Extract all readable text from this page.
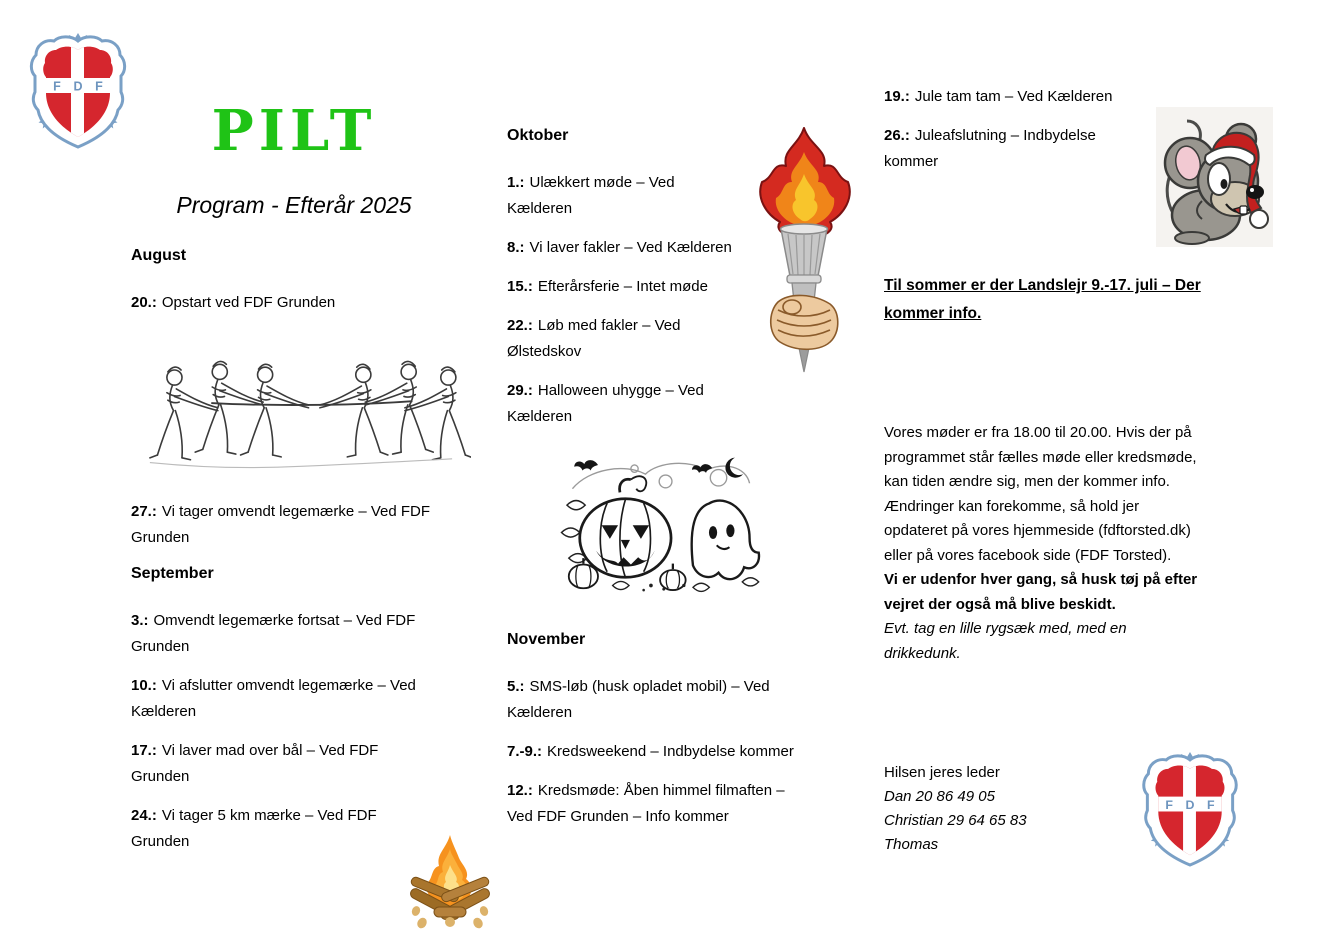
PILT
Program - Efterår 2025
August
20.: Opstart ved FDF Grunden
27.: Vi tager omvendt legemærke – Ved FDF Grunden
September
3.: Omvendt legemærke fortsat – Ved FDF Grunden
10.: Vi afslutter omvendt legemærke – Ved Kælderen
17.: Vi laver mad over bål – Ved FDF Grunden
24.: Vi tager 5 km mærke – Ved FDF Grunden
Oktober
1.: Ulækkert møde – Ved Kælderen
8.: Vi laver fakler – Ved Kælderen
15.: Efterårsferie – Intet møde
22.: Løb med fakler – Ved Ølstedskov
29.: Halloween uhygge – Ved Kælderen
November
5.: SMS-løb (husk opladet mobil) – Ved Kælderen
7.-9.: Kredsweekend – Indbydelse kommer
12.: Kredsmøde: Åben himmel filmaften – Ved FDF Grunden – Info kommer
19.: Jule tam tam – Ved Kælderen
26.: Juleafslutning – Indbydelse kommer
Til sommer er der Landslejr 9.-17. juli – Der kommer info.
Vores møder er fra 18.00 til 20.00. Hvis der på programmet står fælles møde eller kredsmøde, kan tiden ændre sig, men der kommer info.
Ændringer kan forekomme, så hold jer opdateret på vores hjemmeside (fdftorsted.dk) eller på vores facebook side (FDF Torsted).
Vi er udenfor hver gang, så husk tøj på efter vejret der også må blive beskidt.
Evt. tag en lille rygsæk med, med en drikkedunk.
Hilsen jeres leder
Dan 20 86 49 05
Christian 29 64 65 83
Thomas
